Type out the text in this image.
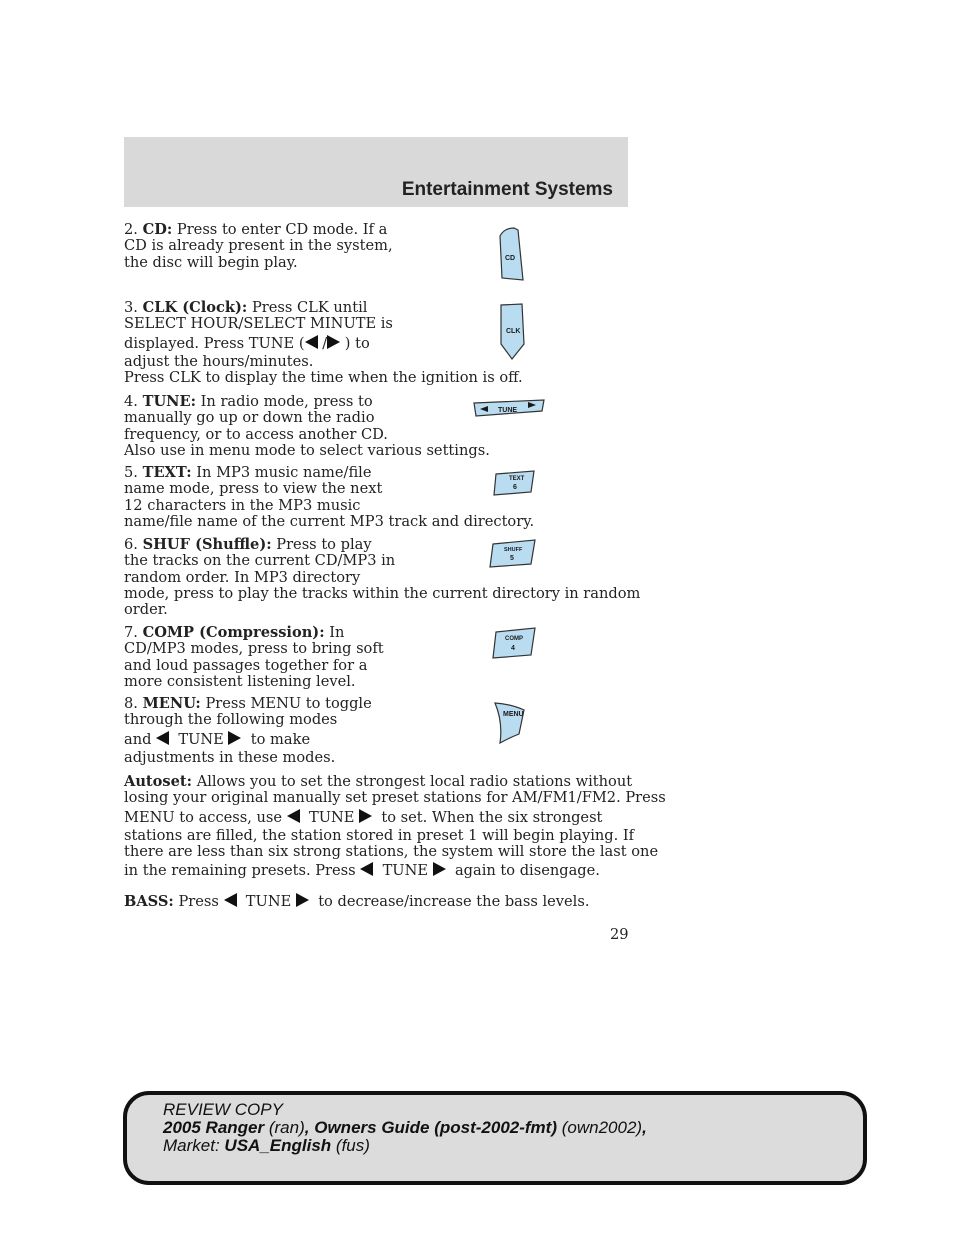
Entertainment Systems
2. CD: Press to enter CD mode. If a
CD is already present in the system,
the disc will begin play.	CD
3. CLK (Clock): Press CLK until
SELECT HOUR/SELECT MINUTE is
displayed. Press TUNE ( / ) to
adjust the hours/minutes.
Press CLK to display the time when the ignition is off.
CLK
4. TUNE: In radio mode, press to
manually go up or down the radio
frequency, or to access another CD.
Also use in menu mode to select various settings.
TUNE
5. TEXT: In MP3 music name/file
name mode, press to view the next
12 characters in the MP3 music
name/file name of the current MP3 track and directory.
TEXT
6
6. SHUF (Shuffle): Press to play
the tracks on the current CD/MP3 in
random order. In MP3 directory
mode, press to play the tracks within the current directory in random
order.
SHUFF
5
7. COMP (Compression): In
CD/MP3 modes, press to bring soft
and loud passages together for a
more consistent listening level.
COMP
4
8. MENU: Press MENU to toggle
through the following modes
and TUNE to make
adjustments in these modes.
MENU
Autoset: Allows you to set the strongest local radio stations without
losing your original manually set preset stations for AM/FM1/FM2. Press
MENU to access, use TUNE to set. When the six strongest
stations are filled, the station stored in preset 1 will begin playing. If
there are less than six strong stations, the system will store the last one
in the remaining presets. Press TUNE again to disengage.
BASS: Press TUNE to decrease/increase the bass levels.
29
REVIEW COPY
2005 Ranger (ran), Owners Guide (post-2002-fmt) (own2002),
Market: USA_English (fus)
